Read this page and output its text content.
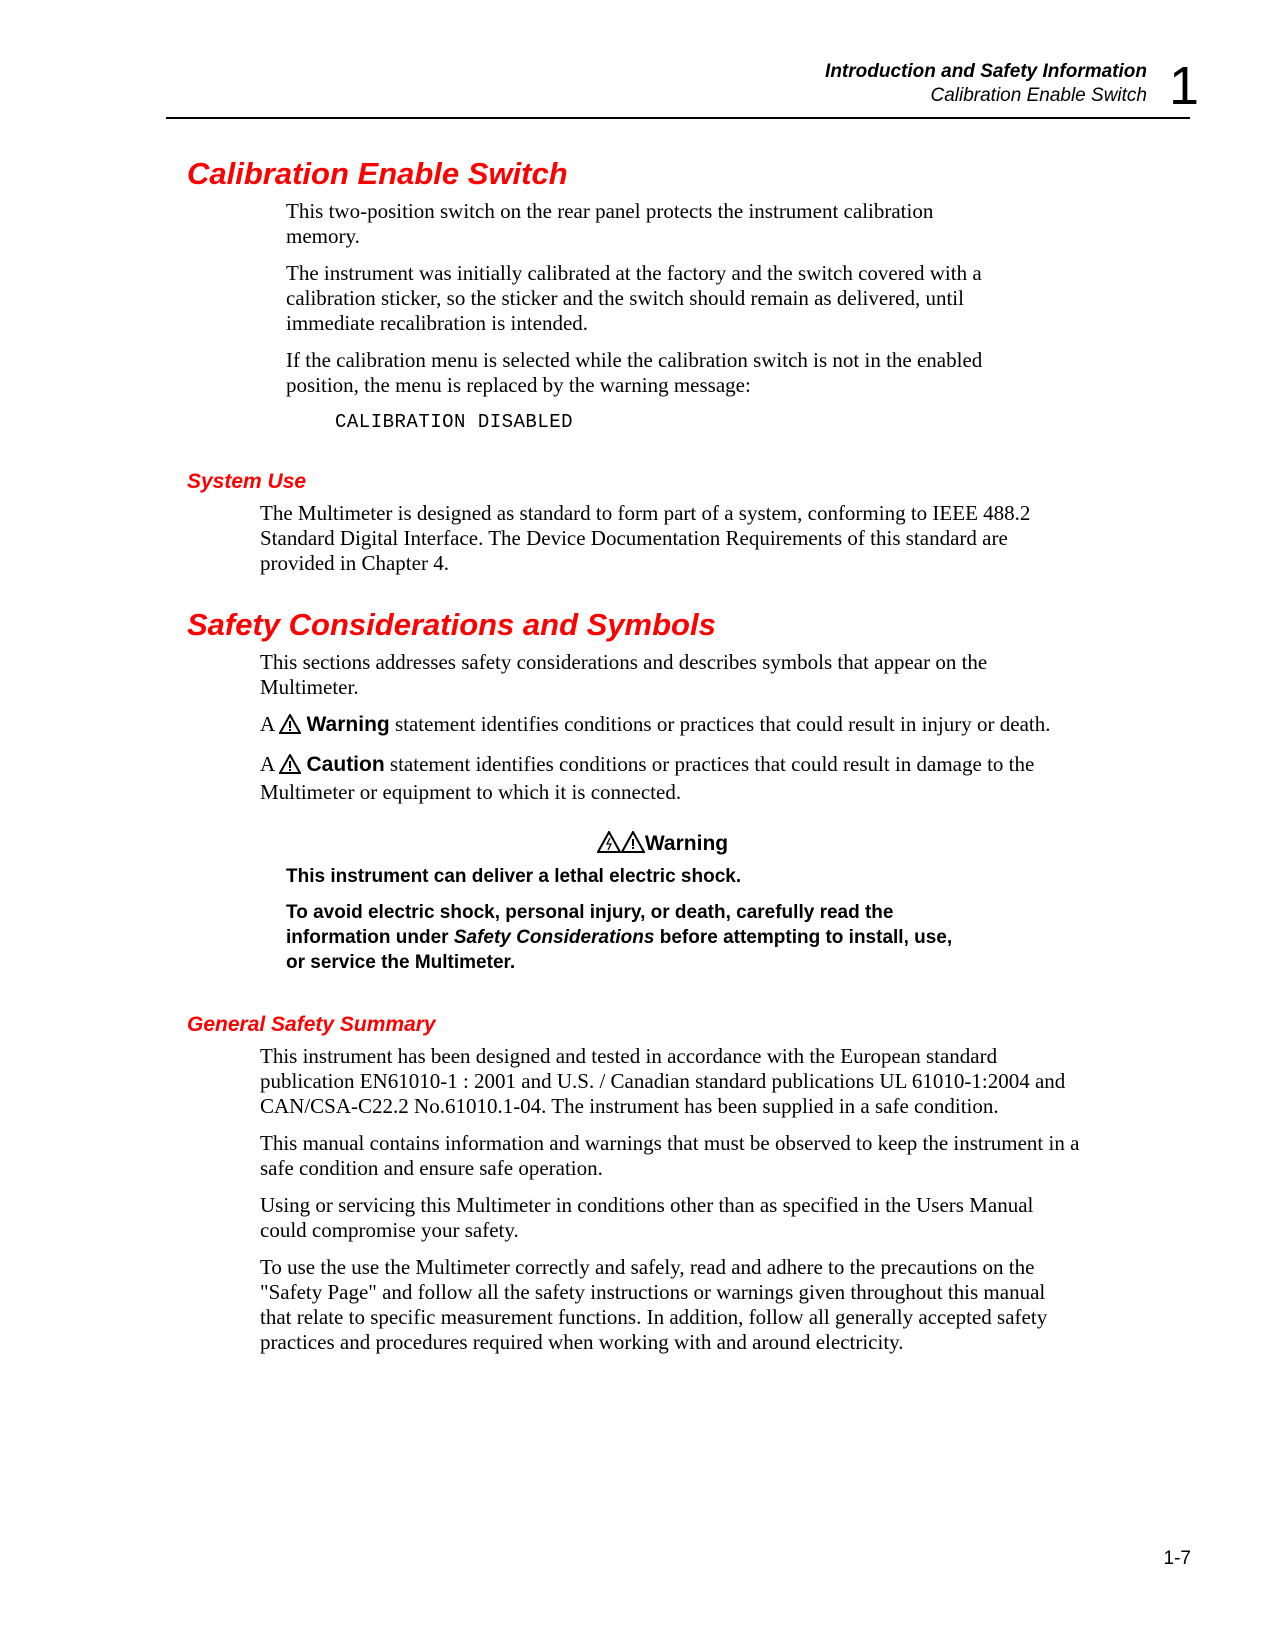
Introduction and Safety Information
Calibration Enable Switch 1
Calibration Enable Switch

This two-position switch on the rear panel protects the instrument calibration memory.

The instrument was initially calibrated at the factory and the switch covered with a calibration sticker, so the sticker and the switch should remain as delivered, until immediate recalibration is intended.

If the calibration menu is selected while the calibration switch is not in the enabled position, the menu is replaced by the warning message:

CALIBRATION DISABLED
System Use

The Multimeter is designed as standard to form part of a system, conforming to IEEE 488.2 Standard Digital Interface. The Device Documentation Requirements of this standard are provided in Chapter 4.

Safety Considerations and Symbols

This sections addresses safety considerations and describes symbols that appear on the Multimeter.

A Warning statement identifies conditions or practices that could result in injury or death.

A Caution statement identifies conditions or practices that could result in damage to the Multimeter or equipment to which it is connected.

Warning

This instrument can deliver a lethal electric shock.

To avoid electric shock, personal injury, or death, carefully read the information under Safety Considerations before attempting to install, use, or service the Multimeter.

General Safety Summary

This instrument has been designed and tested in accordance with the European standard publication EN61010-1 : 2001 and U.S. / Canadian standard publications UL 61010-1:2004 and CAN/CSA-C22.2 No.61010.1-04. The instrument has been supplied in a safe condition.

This manual contains information and warnings that must be observed to keep the instrument in a safe condition and ensure safe operation.

Using or servicing this Multimeter in conditions other than as specified in the Users Manual could compromise your safety.

To use the use the Multimeter correctly and safely, read and adhere to the precautions on the "Safety Page" and follow all the safety instructions or warnings given throughout this manual that relate to specific measurement functions. In addition, follow all generally accepted safety practices and procedures required when working with and around electricity.

1-7
